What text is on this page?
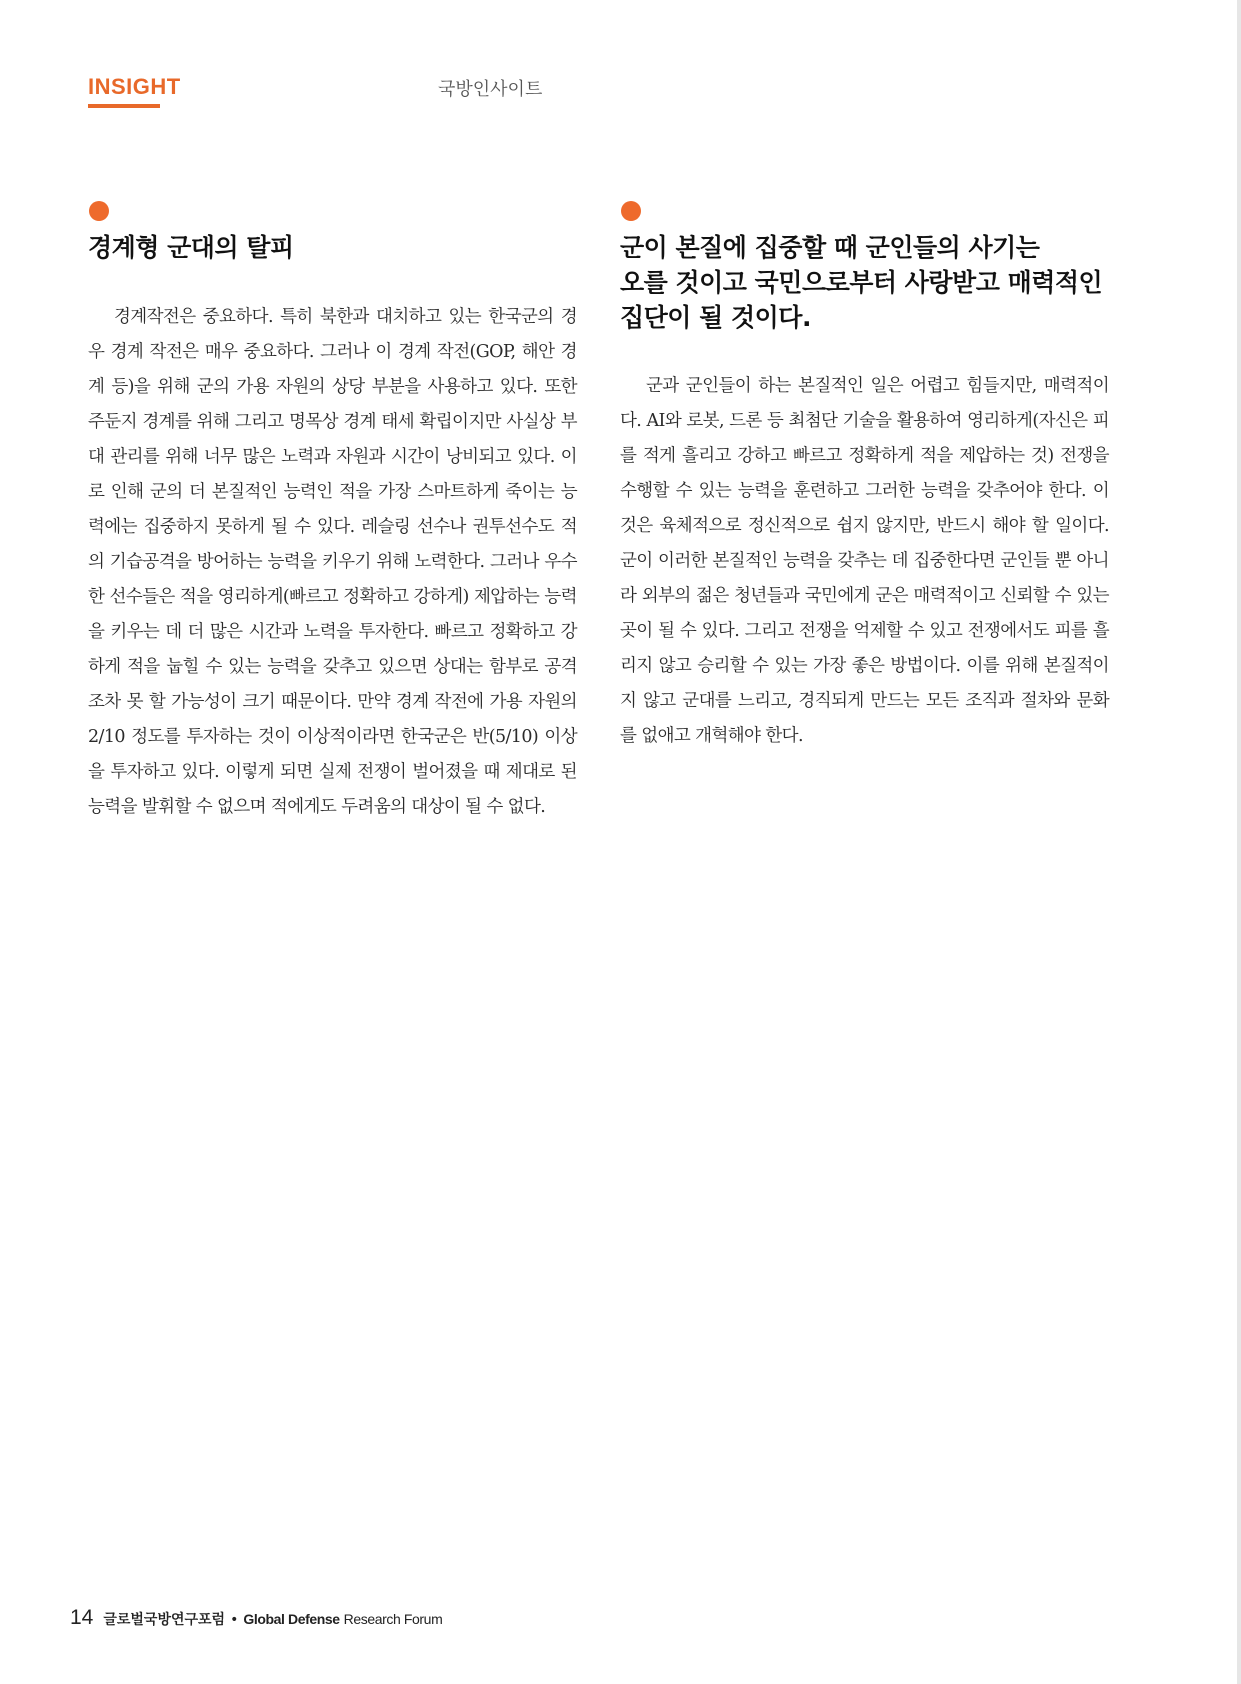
INSIGHT	국방인사이트
경계형 군대의 탈피

경계작전은 중요하다. 특히 북한과 대치하고 있는 한국군의 경우 경계 작전은 매우 중요하다. 그러나 이 경계 작전(GOP, 해안 경계 등)을 위해 군의 가용 자원의 상당 부분을 사용하고 있다. 또한 주둔지 경계를 위해 그리고 명목상 경계 태세 확립이지만 사실상 부대 관리를 위해 너무 많은 노력과 자원과 시간이 낭비되고 있다. 이로 인해 군의 더 본질적인 능력인 적을 가장 스마트하게 죽이는 능력에는 집중하지 못하게 될 수 있다. 레슬링 선수나 권투선수도 적의 기습공격을 방어하는 능력을 키우기 위해 노력한다. 그러나 우수한 선수들은 적을 영리하게(빠르고 정확하고 강하게) 제압하는 능력을 키우는 데 더 많은 시간과 노력을 투자한다. 빠르고 정확하고 강하게 적을 눕힐 수 있는 능력을 갖추고 있으면 상대는 함부로 공격조차 못 할 가능성이 크기 때문이다. 만약 경계 작전에 가용 자원의 2/10 정도를 투자하는 것이 이상적이라면 한국군은 반(5/10) 이상을 투자하고 있다. 이렇게 되면 실제 전쟁이 벌어졌을 때 제대로 된 능력을 발휘할 수 없으며 적에게도 두려움의 대상이 될 수 없다.

군이 본질에 집중할 때 군인들의 사기는
오를 것이고 국민으로부터 사랑받고 매력적인
집단이 될 것이다.

군과 군인들이 하는 본질적인 일은 어렵고 힘들지만, 매력적이다. AI와 로봇, 드론 등 최첨단 기술을 활용하여 영리하게(자신은 피를 적게 흘리고 강하고 빠르고 정확하게 적을 제압하는 것) 전쟁을 수행할 수 있는 능력을 훈련하고 그러한 능력을 갖추어야 한다. 이것은 육체적으로 정신적으로 쉽지 않지만, 반드시 해야 할 일이다. 군이 이러한 본질적인 능력을 갖추는 데 집중한다면 군인들 뿐 아니라 외부의 젊은 청년들과 국민에게 군은 매력적이고 신뢰할 수 있는 곳이 될 수 있다. 그리고 전쟁을 억제할 수 있고 전쟁에서도 피를 흘리지 않고 승리할 수 있는 가장 좋은 방법이다. 이를 위해 본질적이지 않고 군대를 느리고, 경직되게 만드는 모든 조직과 절차와 문화를 없애고 개혁해야 한다.

14 글로벌국방연구포럼 • Global Defense Research Forum
